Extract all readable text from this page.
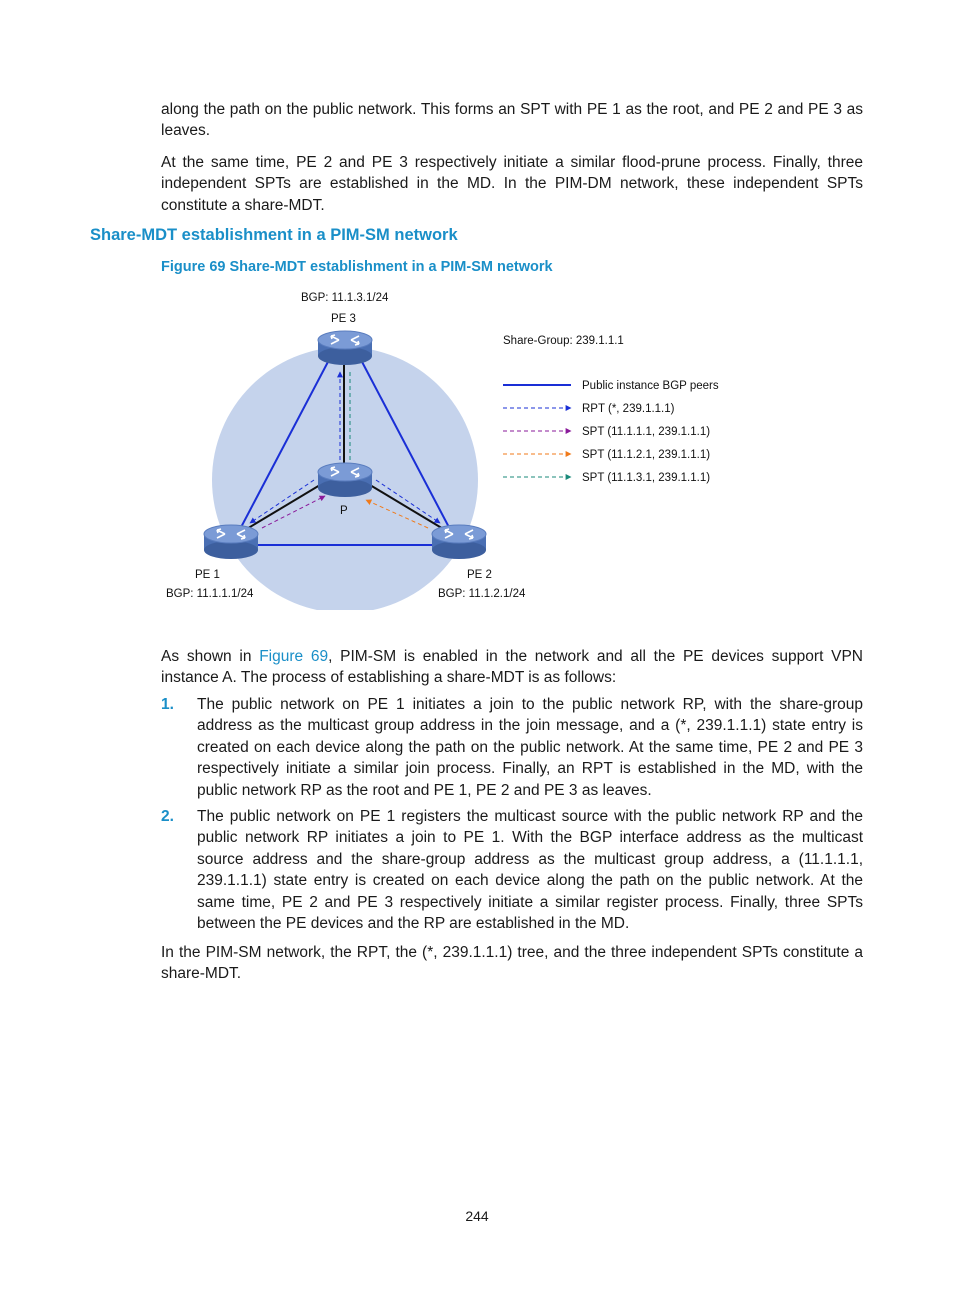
along the path on the public network. This forms an SPT with PE 1 as the root, and PE 2 and PE 3 as leaves.

At the same time, PE 2 and PE 3 respectively initiate a similar flood-prune process. Finally, three independent SPTs are established in the MD. In the PIM-DM network, these independent SPTs constitute a share-MDT.

Share-MDT establishment in a PIM-SM network

Figure 69 Share-MDT establishment in a PIM-SM network

BGP: 11.1.3.1/24
PE 3
P
PE 1
BGP: 11.1.1.1/24
PE 2
BGP: 11.1.2.1/24
Share-Group: 239.1.1.1
Public instance BGP peers
RPT (*, 239.1.1.1)
SPT (11.1.1.1, 239.1.1.1)
SPT (11.1.2.1, 239.1.1.1)
SPT (11.1.3.1, 239.1.1.1)

As shown in Figure 69, PIM-SM is enabled in the network and all the PE devices support VPN instance A. The process of establishing a share-MDT is as follows:

1. The public network on PE 1 initiates a join to the public network RP, with the share-group address as the multicast group address in the join message, and a (*, 239.1.1.1) state entry is created on each device along the path on the public network. At the same time, PE 2 and PE 3 respectively initiate a similar join process. Finally, an RPT is established in the MD, with the public network RP as the root and PE 1, PE 2 and PE 3 as leaves.

2. The public network on PE 1 registers the multicast source with the public network RP and the public network RP initiates a join to PE 1. With the BGP interface address as the multicast source address and the share-group address as the multicast group address, a (11.1.1.1, 239.1.1.1) state entry is created on each device along the path on the public network. At the same time, PE 2 and PE 3 respectively initiate a similar register process. Finally, three SPTs between the PE devices and the RP are established in the MD.

In the PIM-SM network, the RPT, the (*, 239.1.1.1) tree, and the three independent SPTs constitute a share-MDT.

244
